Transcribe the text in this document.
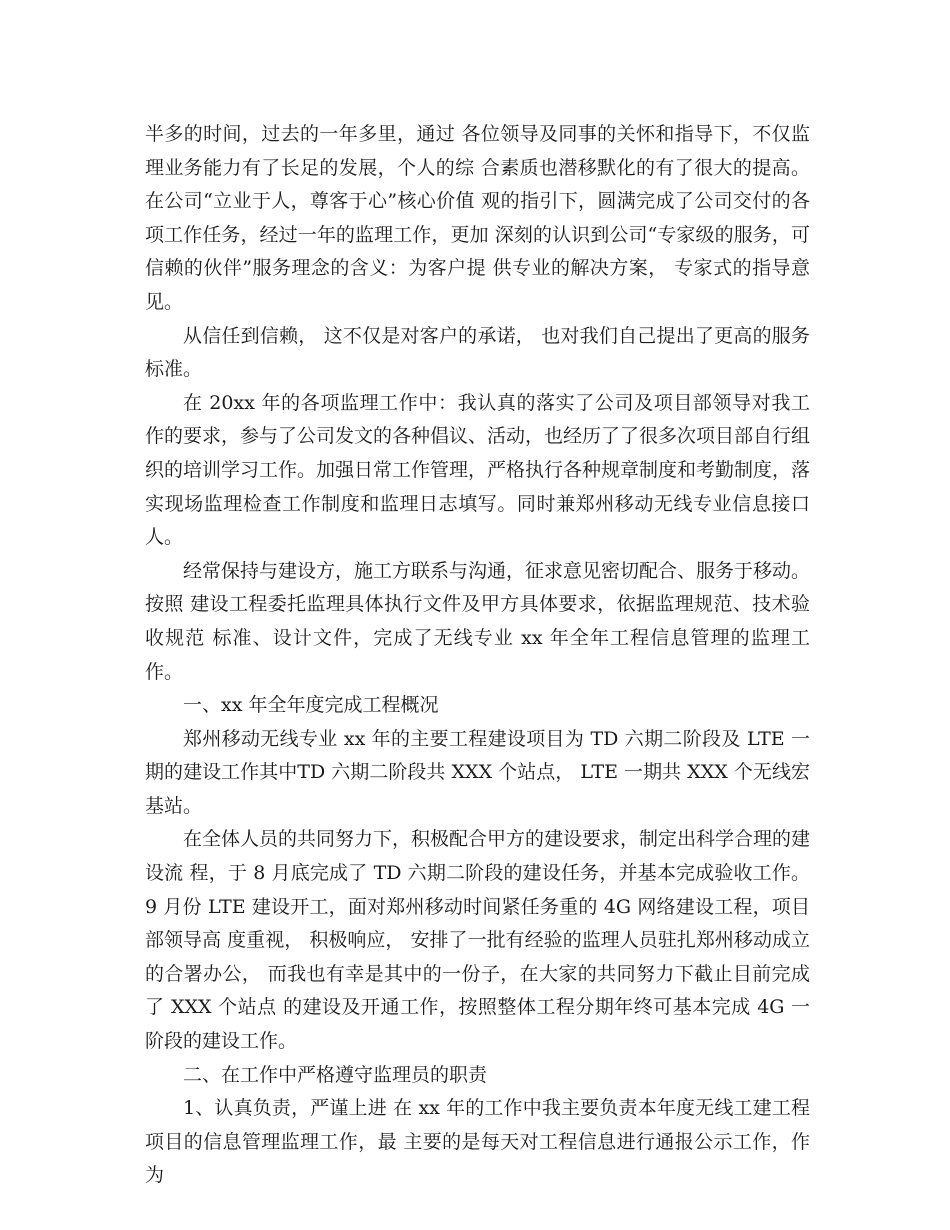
半多的时间，过去的一年多里，通过 各位领导及同事的关怀和指导下，不仅监理业务能力有了长足的发展，个人的综 合素质也潜移默化的有了很大的提高。在公司“立业于人，尊客于心”核心价值 观的指引下，圆满完成了公司交付的各项工作任务，经过一年的监理工作，更加 深刻的认识到公司“专家级的服务，可信赖的伙伴”服务理念的含义：为客户提 供专业的解决方案， 专家式的指导意见。

从信任到信赖， 这不仅是对客户的承诺， 也对我们自己提出了更高的服务标准。

在 20xx 年的各项监理工作中：我认真的落实了公司及项目部领导对我工作的要求，参与了公司发文的各种倡议、活动，也经历了了很多次项目部自行组织的培训学习工作。加强日常工作管理，严格执行各种规章制度和考勤制度，落实现场监理检查工作制度和监理日志填写。同时兼郑州移动无线专业信息接口人。

经常保持与建设方，施工方联系与沟通，征求意见密切配合、服务于移动。按照 建设工程委托监理具体执行文件及甲方具体要求，依据监理规范、技术验收规范 标准、设计文件，完成了无线专业 xx 年全年工程信息管理的监理工作。

一、xx 年全年度完成工程概况

郑州移动无线专业 xx 年的主要工程建设项目为 TD 六期二阶段及 LTE 一期的建设工作其中TD 六期二阶段共 XXX 个站点， LTE 一期共 XXX 个无线宏基站。

在全体人员的共同努力下，积极配合甲方的建设要求，制定出科学合理的建设流 程，于 8 月底完成了 TD 六期二阶段的建设任务，并基本完成验收工作。9 月份 LTE 建设开工，面对郑州移动时间紧任务重的 4G 网络建设工程，项目部领导高 度重视， 积极响应， 安排了一批有经验的监理人员驻扎郑州移动成立的合署办公， 而我也有幸是其中的一份子，在大家的共同努力下截止目前完成了 XXX 个站点 的建设及开通工作，按照整体工程分期年终可基本完成 4G 一阶段的建设工作。

二、在工作中严格遵守监理员的职责

1、认真负责，严谨上进 在 xx 年的工作中我主要负责本年度无线工建工程项目的信息管理监理工作，最 主要的是每天对工程信息进行通报公示工作，作为
